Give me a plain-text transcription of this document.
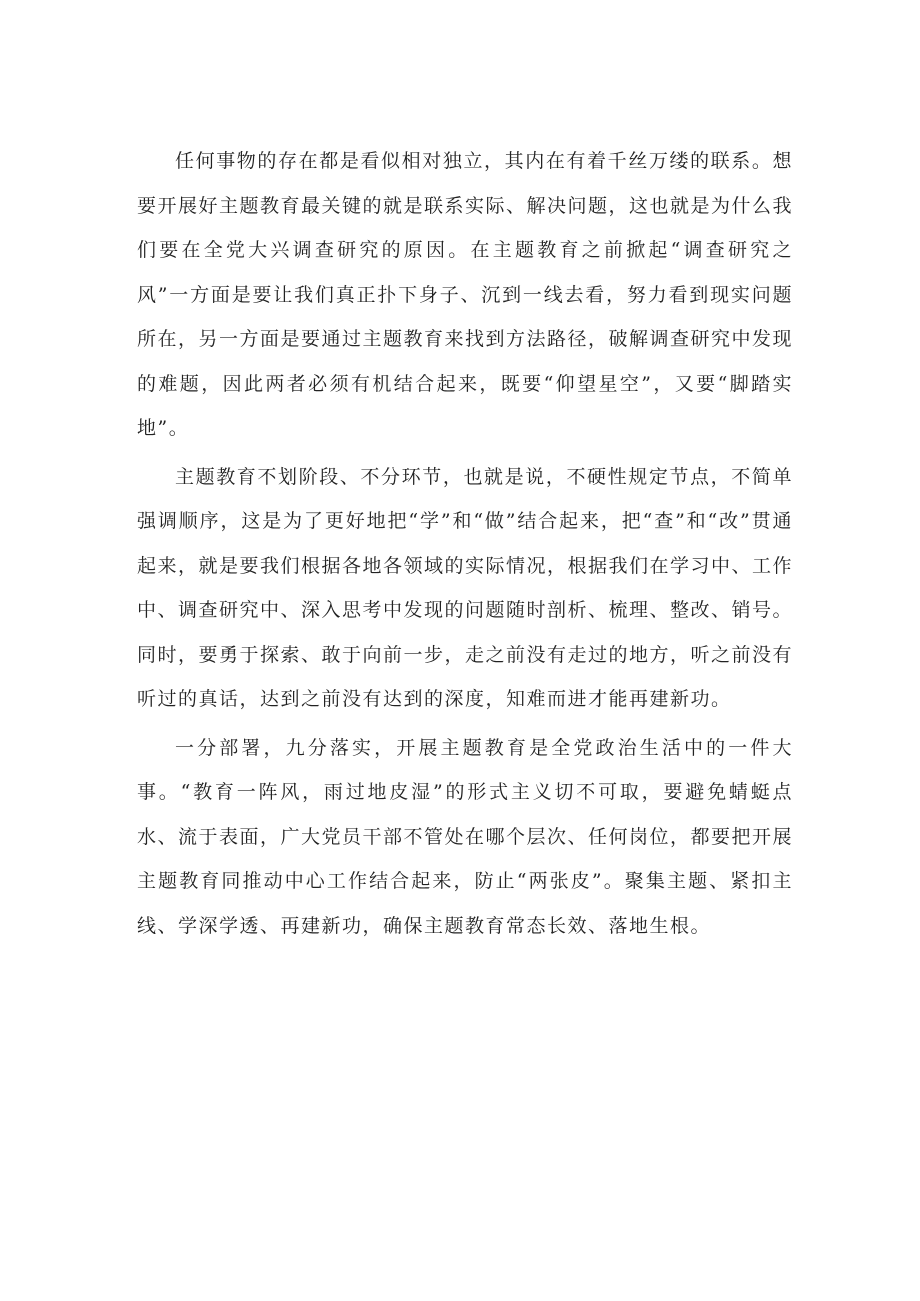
任何事物的存在都是看似相对独立，其内在有着千丝万缕的联系。想要开展好主题教育最关键的就是联系实际、解决问题，这也就是为什么我们要在全党大兴调查研究的原因。在主题教育之前掀起“调查研究之风”一方面是要让我们真正扑下身子、沉到一线去看，努力看到现实问题所在，另一方面是要通过主题教育来找到方法路径，破解调查研究中发现的难题，因此两者必须有机结合起来，既要“仰望星空”，又要“脚踏实地”。

主题教育不划阶段、不分环节，也就是说，不硬性规定节点，不简单强调顺序，这是为了更好地把“学”和“做”结合起来，把“查”和“改”贯通起来，就是要我们根据各地各领域的实际情况，根据我们在学习中、工作中、调查研究中、深入思考中发现的问题随时剖析、梳理、整改、销号。同时，要勇于探索、敢于向前一步，走之前没有走过的地方，听之前没有听过的真话，达到之前没有达到的深度，知难而进才能再建新功。

一分部署，九分落实，开展主题教育是全党政治生活中的一件大事。“教育一阵风，雨过地皮湿”的形式主义切不可取，要避免蜻蜓点水、流于表面，广大党员干部不管处在哪个层次、任何岗位，都要把开展主题教育同推动中心工作结合起来，防止“两张皮”。聚集主题、紧扣主线、学深学透、再建新功，确保主题教育常态长效、落地生根。
